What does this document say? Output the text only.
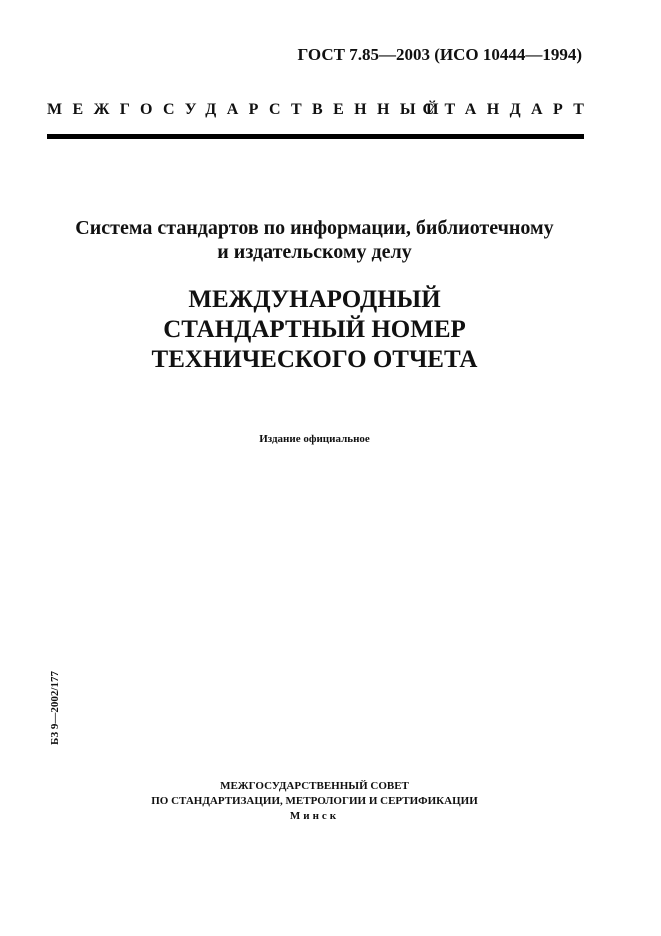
ГОСТ 7.85—2003 (ИСО 10444—1994)
МЕЖГОСУДАРСТВЕННЫЙ
СТАНДАРТ
Система стандартов по информации, библиотечному
и издательскому делу
МЕЖДУНАРОДНЫЙ
СТАНДАРТНЫЙ НОМЕР
ТЕХНИЧЕСКОГО ОТЧЕТА
Издание официальное
БЗ 9—2002/177
МЕЖГОСУДАРСТВЕННЫЙ СОВЕТ
ПО СТАНДАРТИЗАЦИИ, МЕТРОЛОГИИ И СЕРТИФИКАЦИИ
Минск
